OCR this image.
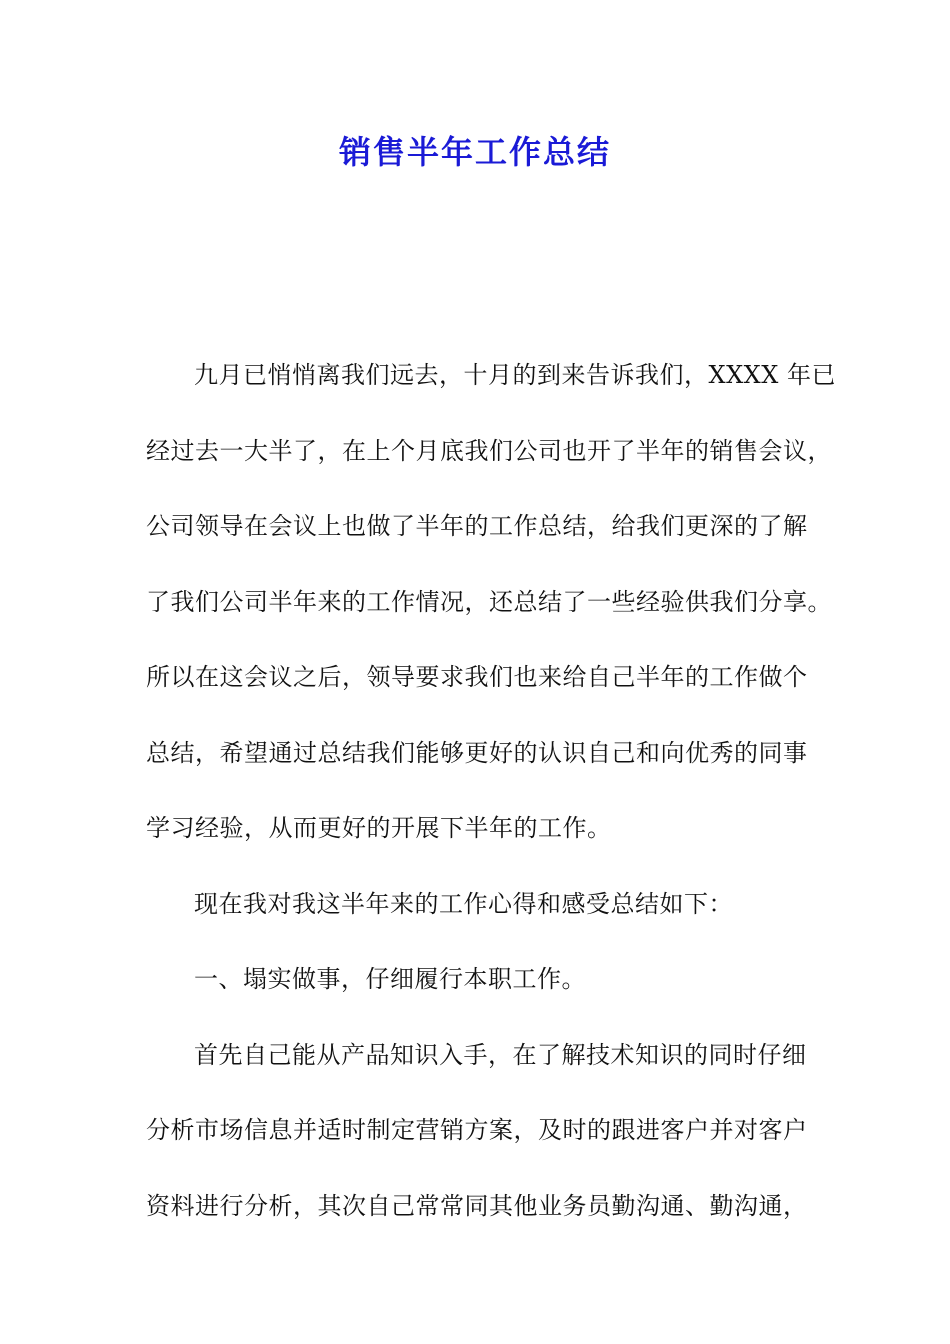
销售半年工作总结
九月已悄悄离我们远去，十月的到来告诉我们，XXXX 年已
经过去一大半了，在上个月底我们公司也开了半年的销售会议，
公司领导在会议上也做了半年的工作总结，给我们更深的了解
了我们公司半年来的工作情况，还总结了一些经验供我们分享。
所以在这会议之后，领导要求我们也来给自己半年的工作做个
总结，希望通过总结我们能够更好的认识自己和向优秀的同事
学习经验，从而更好的开展下半年的工作。
现在我对我这半年来的工作心得和感受总结如下：
一、塌实做事，仔细履行本职工作。
首先自己能从产品知识入手，在了解技术知识的同时仔细
分析市场信息并适时制定营销方案，及时的跟进客户并对客户
资料进行分析，其次自己常常同其他业务员勤沟通、勤沟通，
